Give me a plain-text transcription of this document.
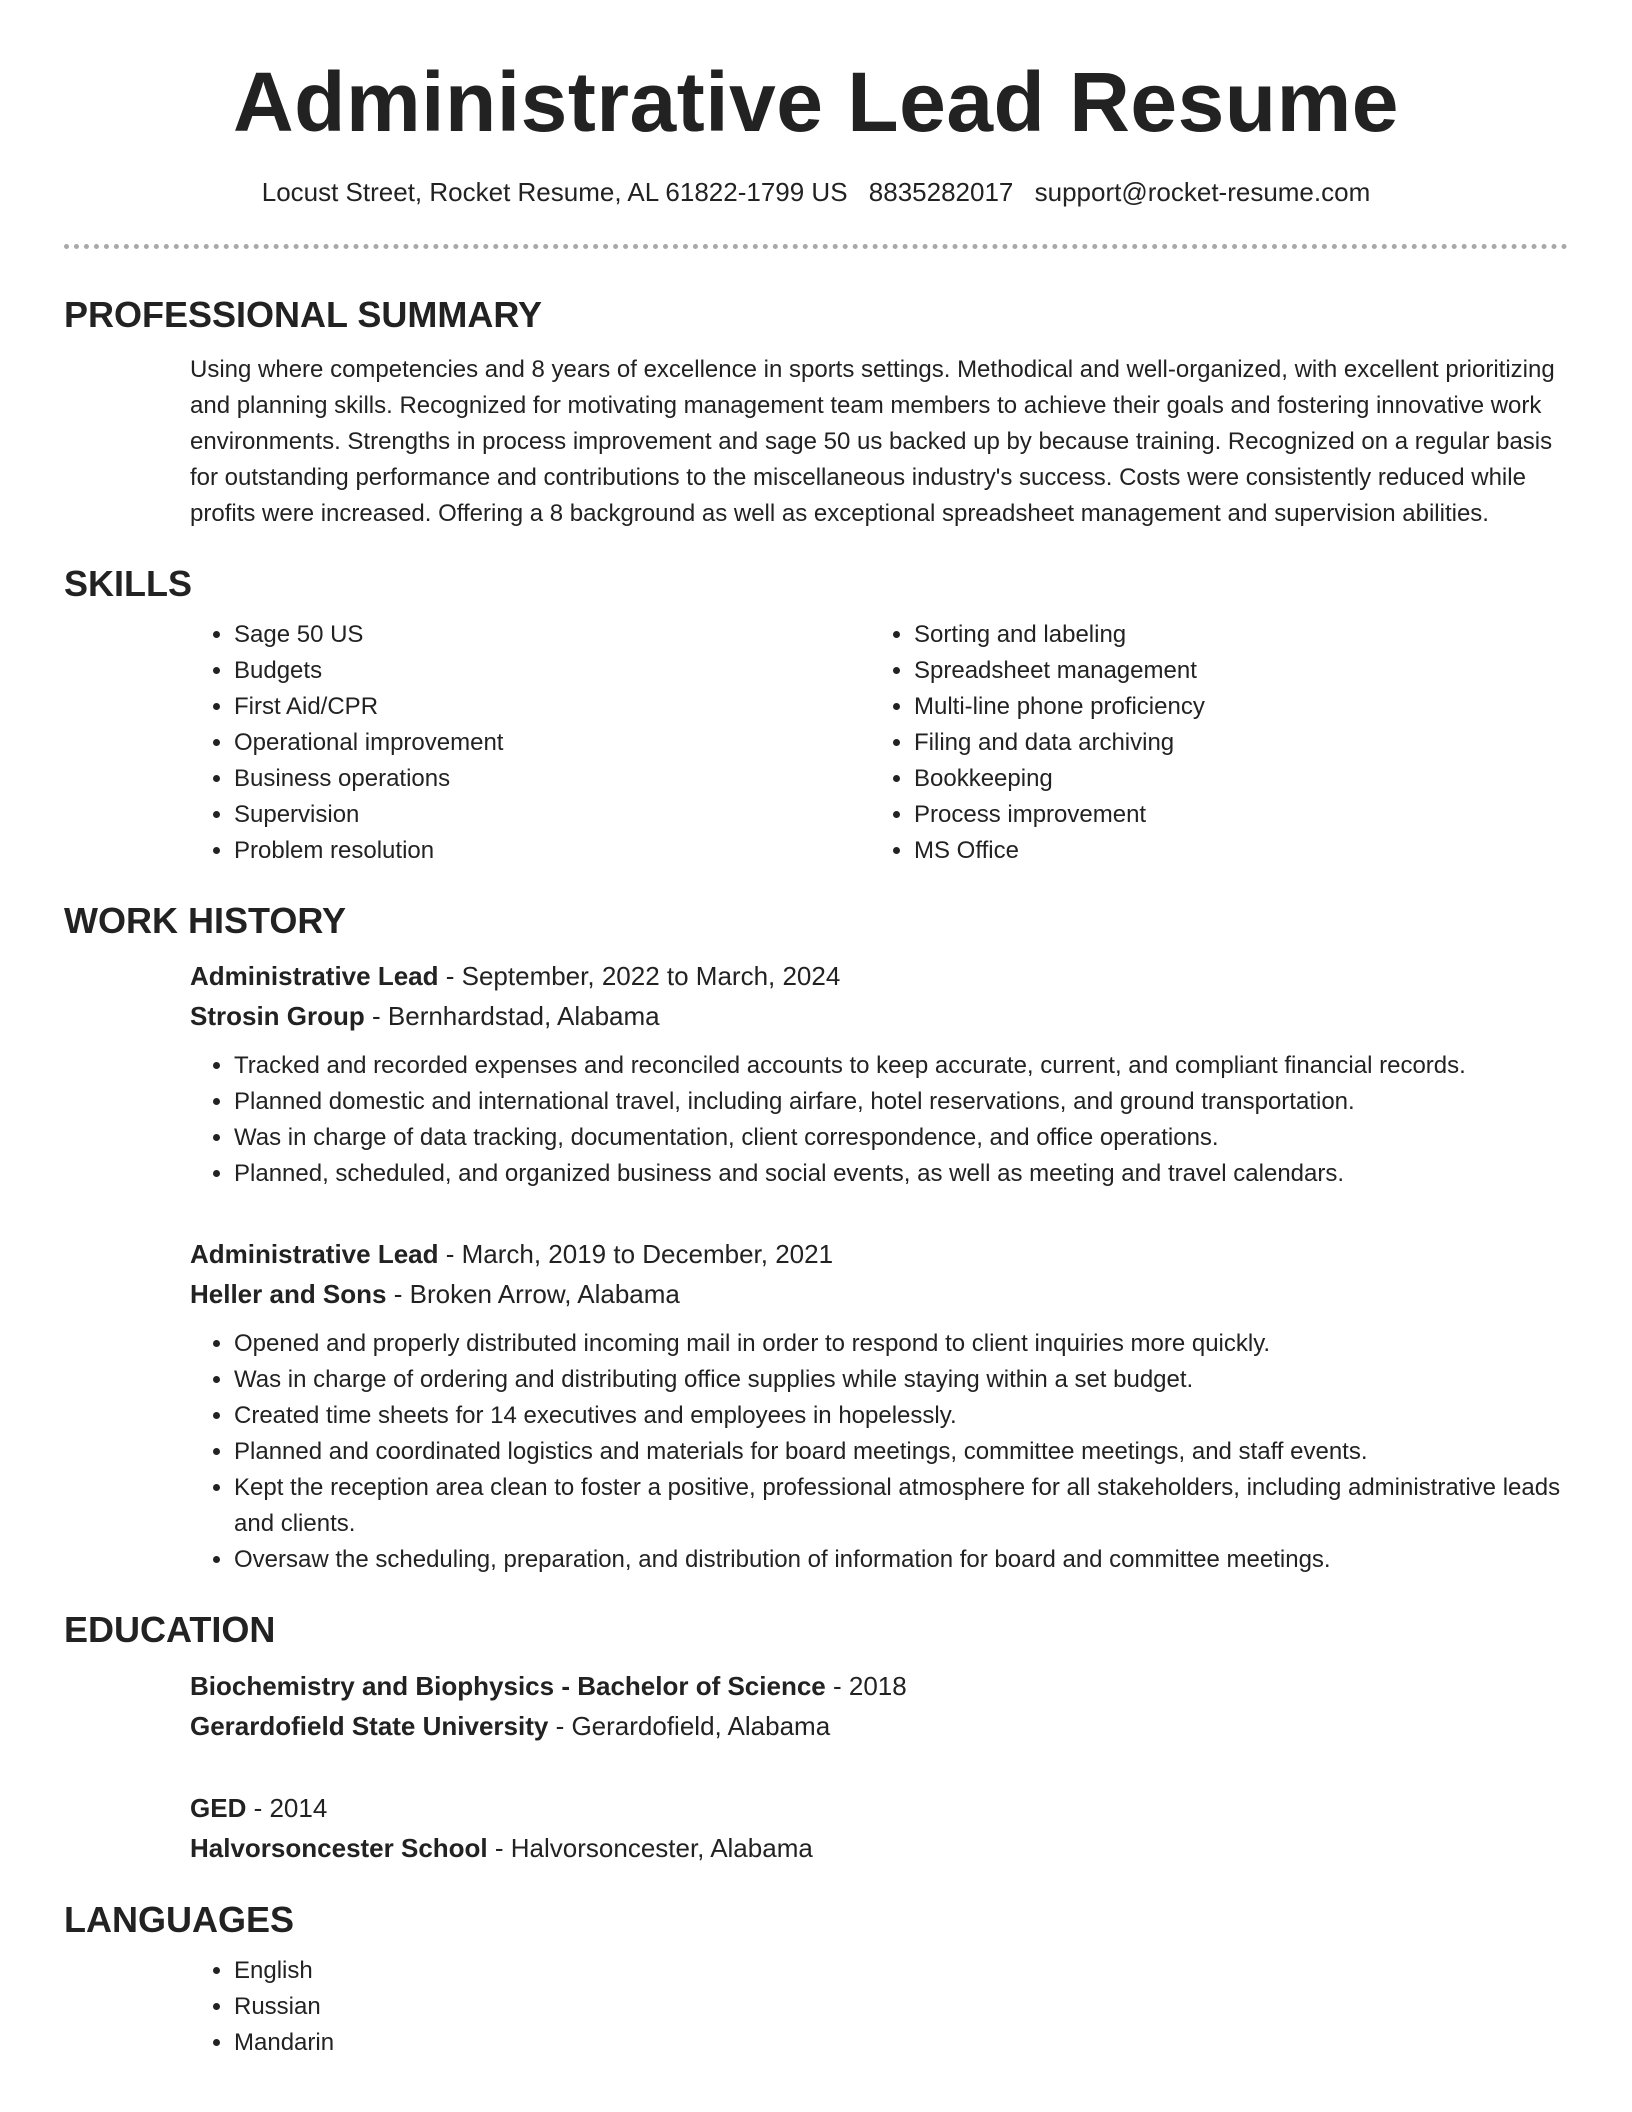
Administrative Lead Resume
Locust Street, Rocket Resume, AL 61822-1799 US 8835282017 support@rocket-resume.com
PROFESSIONAL SUMMARY

Using where competencies and 8 years of excellence in sports settings. Methodical and well-organized, with excellent prioritizing and planning skills. Recognized for motivating management team members to achieve their goals and fostering innovative work environments. Strengths in process improvement and sage 50 us backed up by because training. Recognized on a regular basis for outstanding performance and contributions to the miscellaneous industry's success. Costs were consistently reduced while profits were increased. Offering a 8 background as well as exceptional spreadsheet management and supervision abilities.

SKILLS
• Sage 50 US
• Budgets
• First Aid/CPR
• Operational improvement
• Business operations
• Supervision
• Problem resolution
• Sorting and labeling
• Spreadsheet management
• Multi-line phone proficiency
• Filing and data archiving
• Bookkeeping
• Process improvement
• MS Office
WORK HISTORY
Administrative Lead - September, 2022 to March, 2024
Strosin Group - Bernhardstad, Alabama
• Tracked and recorded expenses and reconciled accounts to keep accurate, current, and compliant financial records.
• Planned domestic and international travel, including airfare, hotel reservations, and ground transportation.
• Was in charge of data tracking, documentation, client correspondence, and office operations.
• Planned, scheduled, and organized business and social events, as well as meeting and travel calendars.
Administrative Lead - March, 2019 to December, 2021
Heller and Sons - Broken Arrow, Alabama
• Opened and properly distributed incoming mail in order to respond to client inquiries more quickly.
• Was in charge of ordering and distributing office supplies while staying within a set budget.
• Created time sheets for 14 executives and employees in hopelessly.
• Planned and coordinated logistics and materials for board meetings, committee meetings, and staff events.
• Kept the reception area clean to foster a positive, professional atmosphere for all stakeholders, including administrative leads and clients.
• Oversaw the scheduling, preparation, and distribution of information for board and committee meetings.
EDUCATION
Biochemistry and Biophysics - Bachelor of Science - 2018
Gerardofield State University - Gerardofield, Alabama
GED - 2014
Halvorsoncester School - Halvorsoncester, Alabama
LANGUAGES
• English
• Russian
• Mandarin
